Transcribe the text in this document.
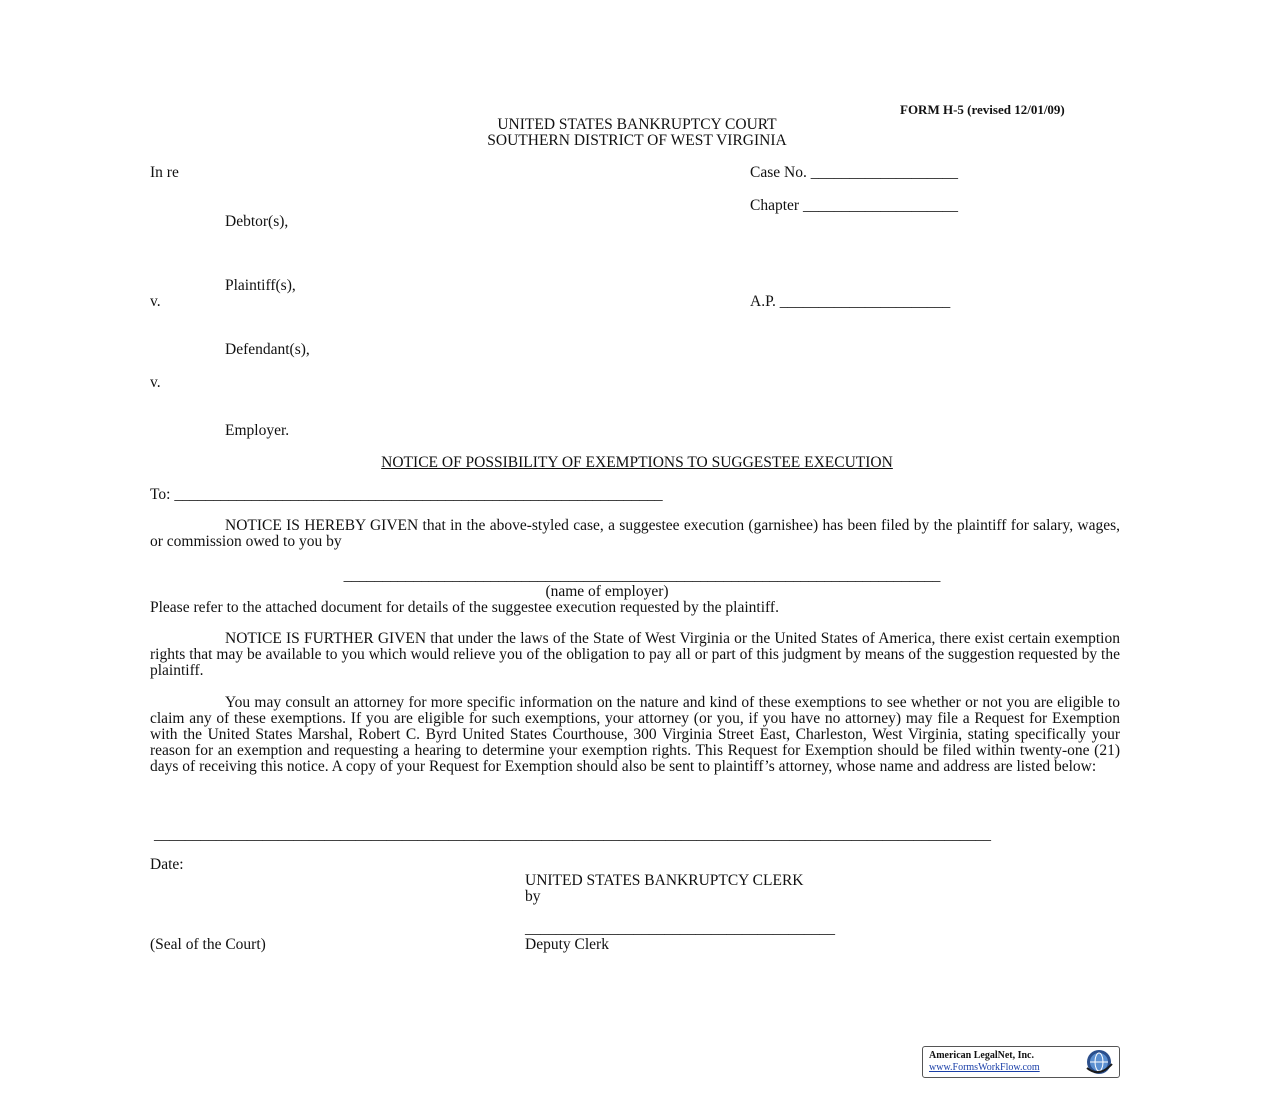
FORM H-5 (revised 12/01/09)
UNITED STATES BANKRUPTCY COURT
SOUTHERN DISTRICT OF WEST VIRGINIA
In re
Debtor(s),
Plaintiff(s),
v.
Defendant(s),
v.
Employer.
Case No. ___________________
Chapter ____________________
A.P. ______________________
NOTICE OF POSSIBILITY OF EXEMPTIONS TO SUGGESTEE EXECUTION
To: _______________________________________________________________
NOTICE IS HEREBY GIVEN that in the above-styled case, a suggestee execution (garnishee) has been filed by the plaintiff for salary, wages, or commission owed to you by
_____________________________________________________________________________
(name of employer)
Please refer to the attached document for details of the suggestee execution requested by the plaintiff.
NOTICE IS FURTHER GIVEN that under the laws of the State of West Virginia or the United States of America, there exist certain exemption rights that may be available to you which would relieve you of the obligation to pay all or part of this judgment by means of the suggestion requested by the plaintiff.
You may consult an attorney for more specific information on the nature and kind of these exemptions to see whether or not you are eligible to claim any of these exemptions. If you are eligible for such exemptions, your attorney (or you, if you have no attorney) may file a Request for Exemption with the United States Marshal, Robert C. Byrd United States Courthouse, 300 Virginia Street East, Charleston, West Virginia, stating specifically your reason for an exemption and requesting a hearing to determine your exemption rights. This Request for Exemption should be filed within twenty-one (21) days of receiving this notice. A copy of your Request for Exemption should also be sent to plaintiff’s attorney, whose name and address are listed below:
____________________________________________________________________________________________________________
Date:
UNITED STATES BANKRUPTCY CLERK
by
________________________________________
(Seal of the Court)	Deputy Clerk
American LegalNet, Inc.
www.FormsWorkFlow.com
